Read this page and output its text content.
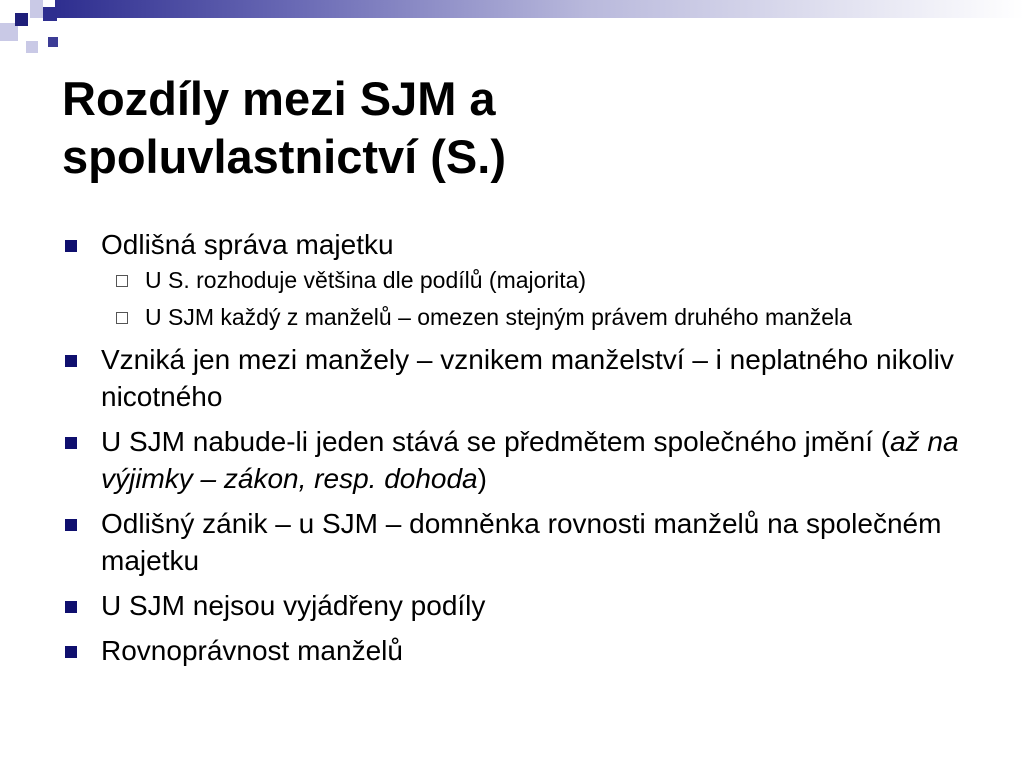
Rozdíly mezi SJM a
spoluvlastnictví (S.)
Odlišná správa majetku
U S. rozhoduje většina dle podílů (majorita)
U SJM každý z manželů – omezen stejným právem druhého manžela
Vzniká jen mezi manžely – vznikem manželství – i neplatného nikoliv nicotného
U SJM nabude-li jeden stává se předmětem společného jmění (až na výjimky – zákon, resp. dohoda)
Odlišný zánik – u SJM – domněnka rovnosti manželů na společném majetku
U SJM nejsou vyjádřeny podíly
Rovnoprávnost manželů
